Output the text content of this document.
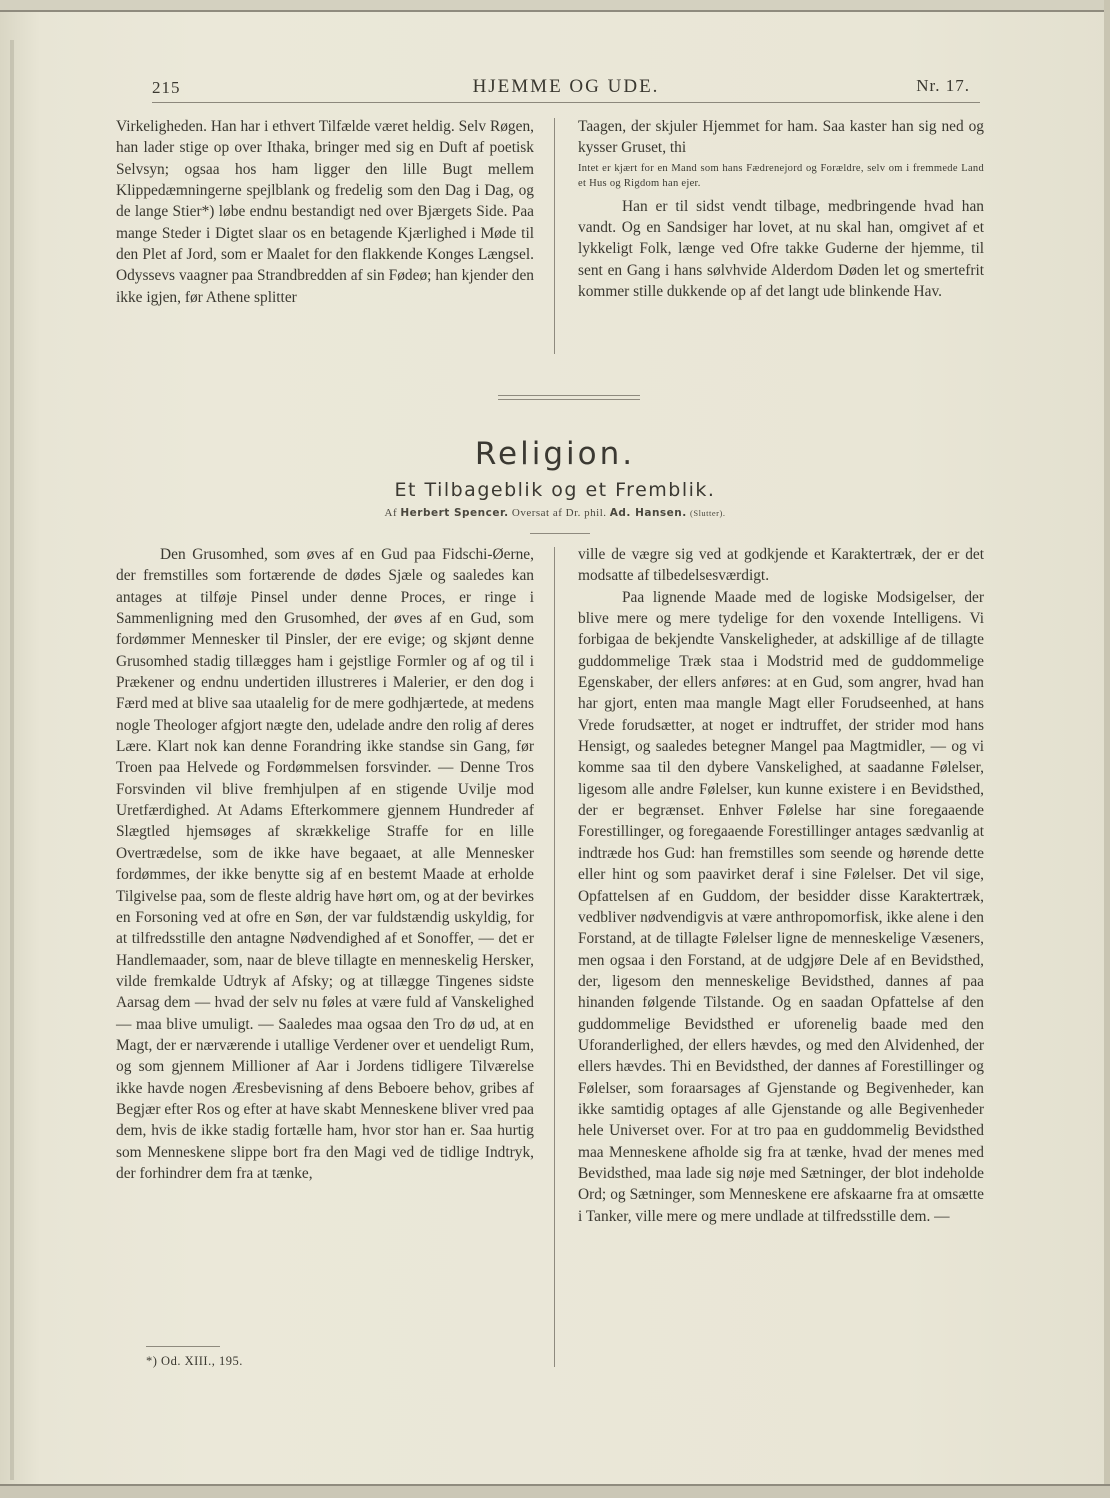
215	HJEMME OG UDE.	Nr. 17.

Virkeligheden. Han har i ethvert Tilfælde været heldig. Selv Røgen, han lader stige op over Ithaka, bringer med sig en Duft af poetisk Selvsyn; ogsaa hos ham ligger den lille Bugt mellem Klippedæmningerne spejlblank og fredelig som den Dag i Dag, og de lange Stier*) løbe endnu bestandigt ned over Bjærgets Side. Paa mange Steder i Digtet slaar os en betagende Kjærlighed i Møde til den Plet af Jord, som er Maalet for den flakkende Konges Længsel. Odyssevs vaagner paa Strandbredden af sin Fødeø; han kjender den ikke igjen, før Athene splitter

Taagen, der skjuler Hjemmet for ham. Saa kaster han sig ned og kysser Gruset, thi

Intet er kjært for en Mand som hans Fædrenejord og Forældre, selv om i fremmede Land et Hus og Rigdom han ejer.

Han er til sidst vendt tilbage, medbringende hvad han vandt. Og en Sandsiger har lovet, at nu skal han, omgivet af et lykkeligt Folk, længe ved Ofre takke Guderne der hjemme, til sent en Gang i hans sølvhvide Alderdom Døden let og smertefrit kommer stille dukkende op af det langt ude blinkende Hav.

Religion.
Et Tilbageblik og et Fremblik.
Af Herbert Spencer. Oversat af Dr. phil. Ad. Hansen. (Slutter).

Den Grusomhed, som øves af en Gud paa Fidschi-Øerne, der fremstilles som fortærende de dødes Sjæle og saaledes kan antages at tilføje Pinsel under denne Proces, er ringe i Sammenligning med den Grusomhed, der øves af en Gud, som fordømmer Mennesker til Pinsler, der ere evige; og skjønt denne Grusomhed stadig tillægges ham i gejstlige Formler og af og til i Prækener og endnu undertiden illustreres i Malerier, er den dog i Færd med at blive saa utaalelig for de mere godhjærtede, at medens nogle Theologer afgjort nægte den, udelade andre den rolig af deres Lære. Klart nok kan denne Forandring ikke standse sin Gang, før Troen paa Helvede og Fordømmelsen forsvinder. — Denne Tros Forsvinden vil blive fremhjulpen af en stigende Uvilje mod Uretfærdighed. At Adams Efterkommere gjennem Hundreder af Slægtled hjemsøges af skrækkelige Straffe for en lille Overtrædelse, som de ikke have begaaet, at alle Mennesker fordømmes, der ikke benytte sig af en bestemt Maade at erholde Tilgivelse paa, som de fleste aldrig have hørt om, og at der bevirkes en Forsoning ved at ofre en Søn, der var fuldstændig uskyldig, for at tilfredsstille den antagne Nødvendighed af et Sonoffer, — det er Handlemaader, som, naar de bleve tillagte en menneskelig Hersker, vilde fremkalde Udtryk af Afsky; og at tillægge Tingenes sidste Aarsag dem — hvad der selv nu føles at være fuld af Vanskelighed — maa blive umuligt. — Saaledes maa ogsaa den Tro dø ud, at en Magt, der er nærværende i utallige Verdener over et uendeligt Rum, og som gjennem Millioner af Aar i Jordens tidligere Tilværelse ikke havde nogen Æresbevisning af dens Beboere behov, gribes af Begjær efter Ros og efter at have skabt Menneskene bliver vred paa dem, hvis de ikke stadig fortælle ham, hvor stor han er. Saa hurtig som Menneskene slippe bort fra den Magi ved de tidlige Indtryk, der forhindrer dem fra at tænke,

ville de vægre sig ved at godkjende et Karaktertræk, der er det modsatte af tilbedelsesværdigt.

Paa lignende Maade med de logiske Modsigelser, der blive mere og mere tydelige for den voxende Intelligens. Vi forbigaa de bekjendte Vanskeligheder, at adskillige af de tillagte guddommelige Træk staa i Modstrid med de guddommelige Egenskaber, der ellers anføres: at en Gud, som angrer, hvad han har gjort, enten maa mangle Magt eller Forudseenhed, at hans Vrede forudsætter, at noget er indtruffet, der strider mod hans Hensigt, og saaledes betegner Mangel paa Magtmidler, — og vi komme saa til den dybere Vanskelighed, at saadanne Følelser, ligesom alle andre Følelser, kun kunne existere i en Bevidsthed, der er begrænset. Enhver Følelse har sine foregaaende Forestillinger, og foregaaende Forestillinger antages sædvanlig at indtræde hos Gud: han fremstilles som seende og hørende dette eller hint og som paavirket deraf i sine Følelser. Det vil sige, Opfattelsen af en Guddom, der besidder disse Karaktertræk, vedbliver nødvendigvis at være anthropomorfisk, ikke alene i den Forstand, at de tillagte Følelser ligne de menneskelige Væseners, men ogsaa i den Forstand, at de udgjøre Dele af en Bevidsthed, der, ligesom den menneskelige Bevidsthed, dannes af paa hinanden følgende Tilstande. Og en saadan Opfattelse af den guddommelige Bevidsthed er uforenelig baade med den Uforanderlighed, der ellers hævdes, og med den Alvidenhed, der ellers hævdes. Thi en Bevidsthed, der dannes af Forestillinger og Følelser, som foraarsages af Gjenstande og Begivenheder, kan ikke samtidig optages af alle Gjenstande og alle Begivenheder hele Universet over. For at tro paa en guddommelig Bevidsthed maa Menneskene afholde sig fra at tænke, hvad der menes med Bevidsthed, maa lade sig nøje med Sætninger, der blot indeholde Ord; og Sætninger, som Menneskene ere afskaarne fra at omsætte i Tanker, ville mere og mere undlade at tilfredsstille dem. —

*) Od. XIII., 195.
